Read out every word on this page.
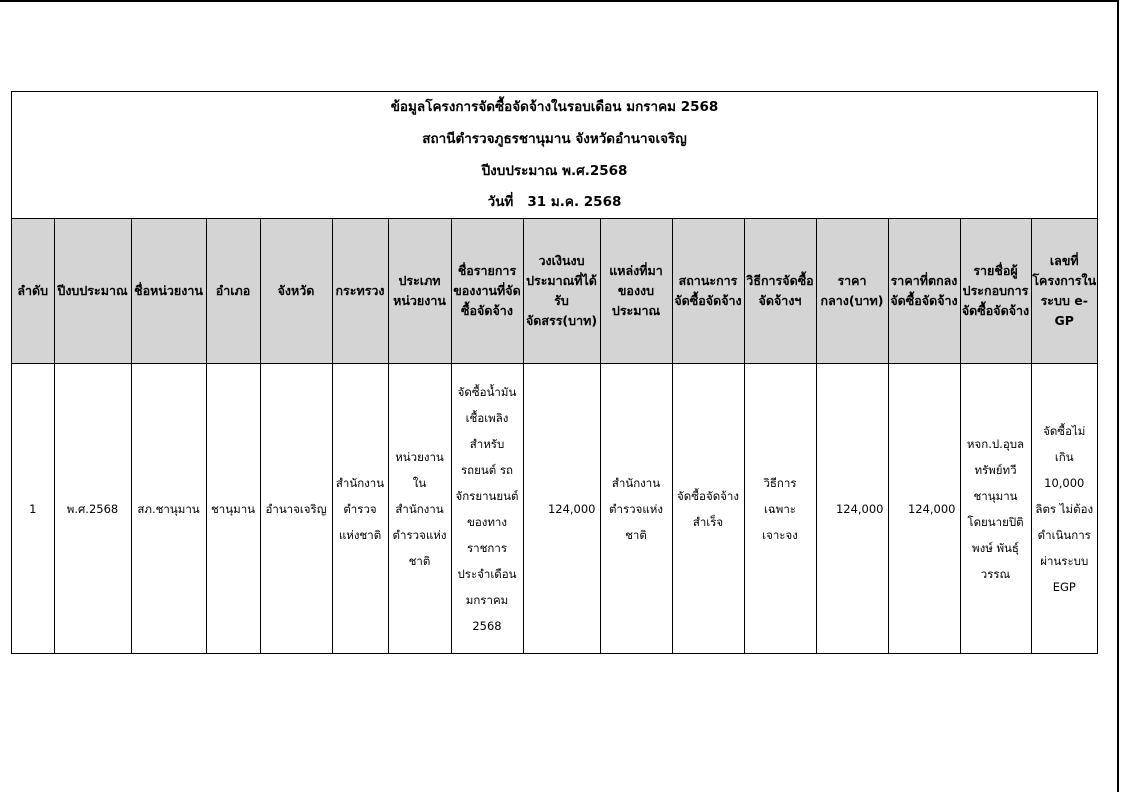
ข้อมูลโครงการจัดซื้อจัดจ้างในรอบเดือน มกราคม 2568
สถานีตำรวจภูธรชานุมาน จังหวัดอำนาจเจริญ
ปีงบประมาณ พ.ศ.2568
วันที่   31 ม.ค. 2568
ลำดับ	ปีงบประมาณ	ชื่อหน่วยงาน	อำเภอ	จังหวัด	กระทรวง	ประเภทหน่วยงาน	ชื่อรายการของงานที่จัดซื้อจัดจ้าง	วงเงินงบประมาณที่ได้รับจัดสรร(บาท)	แหล่งที่มาของงบประมาณ	สถานะการจัดซื้อจัดจ้าง	วิธีการจัดซื้อจัดจ้างฯ	ราคากลาง(บาท)	ราคาที่ตกลงจัดซื้อจัดจ้าง	รายชื่อผู้ประกอบการจัดซื้อจัดจ้าง	เลขที่โครงการในระบบ e-GP
1	พ.ศ.2568	สภ.ชานุมาน	ชานุมาน	อำนาจเจริญ	สำนักงานตำรวจแห่งชาติ	หน่วยงานในสำนักงานตำรวจแห่งชาติ	จัดซื้อน้ำมันเชื้อเพลิงสำหรับรถยนต์ รถจักรยานยนต์ของทางราชการ ประจำเดือนมกราคม 2568	124,000	สำนักงานตำรวจแห่งชาติ	จัดซื้อจัดจ้างสำเร็จ	วิธีการเฉพาะเจาะจง	124,000	124,000	หจก.ป.อุบลทรัพย์ทวีชานุมาน โดยนายปิติพงษ์ พันธุ์วรรณ	จัดซื้อไม่เกิน 10,000 ลิตร ไม่ต้องดำเนินการผ่านระบบ EGP
